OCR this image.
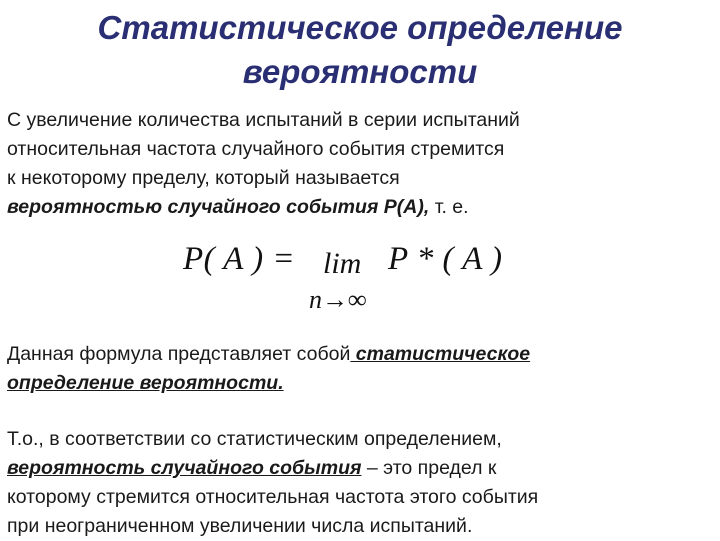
Статистическое определение
вероятности
С увеличение количества испытаний в серии испытаний
относительная частота случайного события стремится
к некоторому пределу, который называется
вероятностью случайного события Р(А), т. е.
P( A ) = lim P * ( A )
n→∞
Данная формула представляет собой статистическое
определение вероятности.
Т.о., в соответствии со статистическим определением,
вероятность случайного события – это предел к
которому стремится относительная частота этого события
при неограниченном увеличении числа испытаний.
